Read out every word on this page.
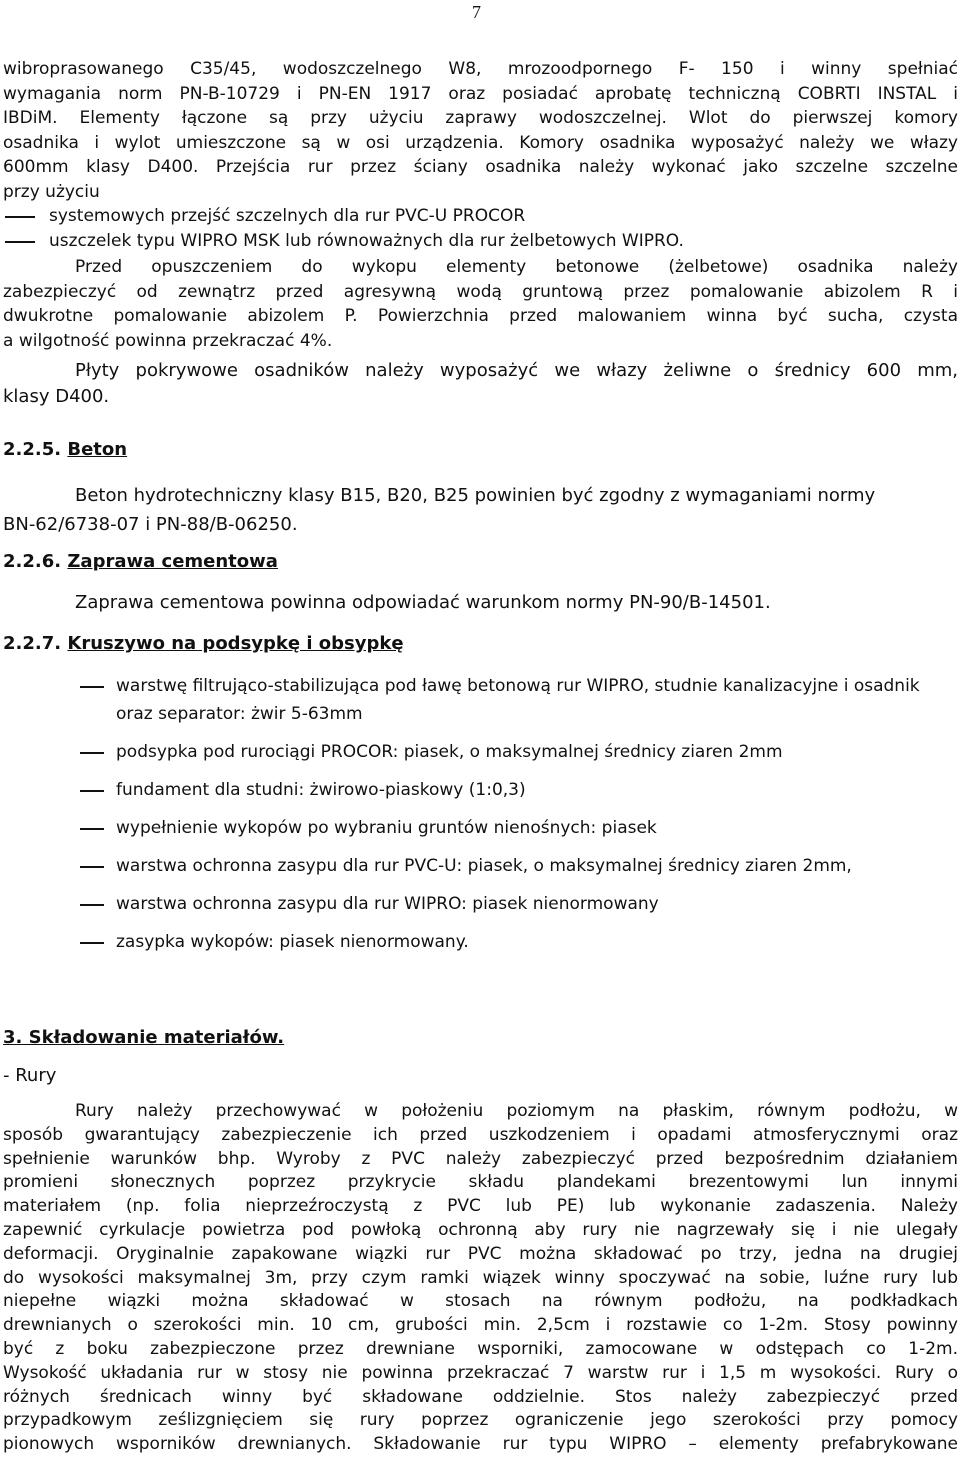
7
wibroprasowanego C35/45, wodoszczelnego W8, mrozoodpornego F- 150 i winny spełniać
wymagania norm PN-B-10729 i PN-EN 1917 oraz posiadać aprobatę techniczną COBRTI INSTAL i
IBDiM. Elementy łączone są przy użyciu zaprawy wodoszczelnej. Wlot do pierwszej komory
osadnika i wylot umieszczone są w osi urządzenia. Komory osadnika wyposażyć należy we włazy
600mm klasy D400. Przejścia rur przez ściany osadnika należy wykonać jako szczelne szczelne
przy użyciu
systemowych przejść szczelnych dla rur PVC-U PROCOR
uszczelek typu WIPRO MSK lub równoważnych dla rur żelbetowych WIPRO.
Przed opuszczeniem do wykopu elementy betonowe (żelbetowe) osadnika należy
zabezpieczyć od zewnątrz przed agresywną wodą gruntową przez pomalowanie abizolem R i
dwukrotne pomalowanie abizolem P. Powierzchnia przed malowaniem winna być sucha, czysta
a wilgotność powinna przekraczać 4%.
Płyty pokrywowe osadników należy wyposażyć we włazy żeliwne o średnicy 600 mm,
klasy D400.
2.2.5. Beton
Beton hydrotechniczny klasy B15, B20, B25 powinien być zgodny z wymaganiami normy
BN-62/6738-07 i PN-88/B-06250.
2.2.6. Zaprawa cementowa
Zaprawa cementowa powinna odpowiadać warunkom normy PN-90/B-14501.
2.2.7. Kruszywo na podsypkę i obsypkę
warstwę filtrująco-stabilizująca pod ławę betonową rur WIPRO, studnie kanalizacyjne i osadnik oraz separator: żwir 5-63mm
podsypka pod rurociągi PROCOR: piasek, o maksymalnej średnicy ziaren 2mm
fundament dla studni: żwirowo-piaskowy (1:0,3)
wypełnienie wykopów po wybraniu gruntów nienośnych: piasek
warstwa ochronna zasypu dla rur PVC-U: piasek, o maksymalnej średnicy ziaren 2mm,
warstwa ochronna zasypu dla rur WIPRO: piasek nienormowany
zasypka wykopów: piasek nienormowany.
3. Składowanie materiałów.
- Rury
Rury należy przechowywać w położeniu poziomym na płaskim, równym podłożu, w
sposób gwarantujący zabezpieczenie ich przed uszkodzeniem i opadami atmosferycznymi oraz
spełnienie warunków bhp. Wyroby z PVC należy zabezpieczyć przed bezpośrednim działaniem
promieni słonecznych poprzez przykrycie składu plandekami brezentowymi lun innymi
materiałem (np. folia nieprzeźroczystą z PVC lub PE) lub wykonanie zadaszenia. Należy
zapewnić cyrkulacje powietrza pod powłoką ochronną aby rury nie nagrzewały się i nie ulegały
deformacji. Oryginalnie zapakowane wiązki rur PVC można składować po trzy, jedna na drugiej
do wysokości maksymalnej 3m, przy czym ramki wiązek winny spoczywać na sobie, luźne rury lub
niepełne wiązki można składować w stosach na równym podłożu, na podkładkach
drewnianych o szerokości min. 10 cm, grubości min. 2,5cm i rozstawie co 1-2m. Stosy powinny
być z boku zabezpieczone przez drewniane wsporniki, zamocowane w odstępach co 1-2m.
Wysokość układania rur w stosy nie powinna przekraczać 7 warstw rur i 1,5 m wysokości. Rury o
różnych średnicach winny być składowane oddzielnie. Stos należy zabezpieczyć przed
przypadkowym ześlizgnięciem się rury poprzez ograniczenie jego szerokości przy pomocy
pionowych wsporników drewnianych. Składowanie rur typu WIPRO – elementy prefabrykowane
